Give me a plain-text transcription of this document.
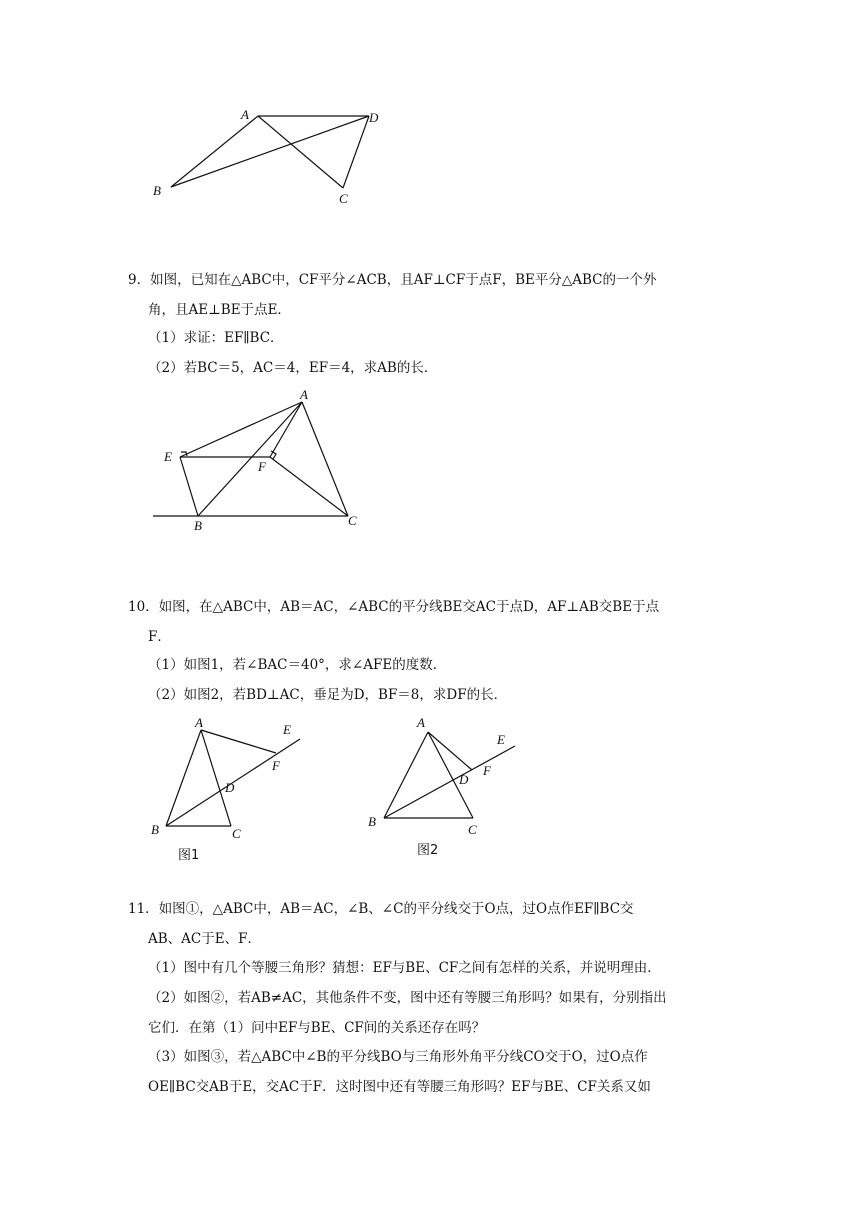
A	D
B
C
9．如图，已知在△ABC中，CF平分∠ACB，且AF⊥CF于点F，BE平分△ABC的一个外
角，且AE⊥BE于点E．
（1）求证：EF∥BC．
（2）若BC＝5，AC＝4，EF＝4，求AB的长．
A
E
F
B	C
10．如图，在△ABC中，AB＝AC，∠ABC的平分线BE交AC于点D，AF⊥AB交BE于点
F．
（1）如图1，若∠BAC＝40°，求∠AFE的度数．
（2）如图2，若BD⊥AC，垂足为D，BF＝8，求DF的长．
A	E
F
D
B	C
图1
A
E
D
F
B
C
图2
11．如图①，△ABC中，AB＝AC，∠B、∠C的平分线交于O点，过O点作EF∥BC交
AB、AC于E、F．
（1）图中有几个等腰三角形？猜想：EF与BE、CF之间有怎样的关系，并说明理由．
（2）如图②，若AB≠AC，其他条件不变，图中还有等腰三角形吗？如果有，分别指出
它们．在第（1）问中EF与BE、CF间的关系还存在吗？
（3）如图③，若△ABC中∠B的平分线BO与三角形外角平分线CO交于O，过O点作
OE∥BC交AB于E，交AC于F．这时图中还有等腰三角形吗？EF与BE、CF关系又如
